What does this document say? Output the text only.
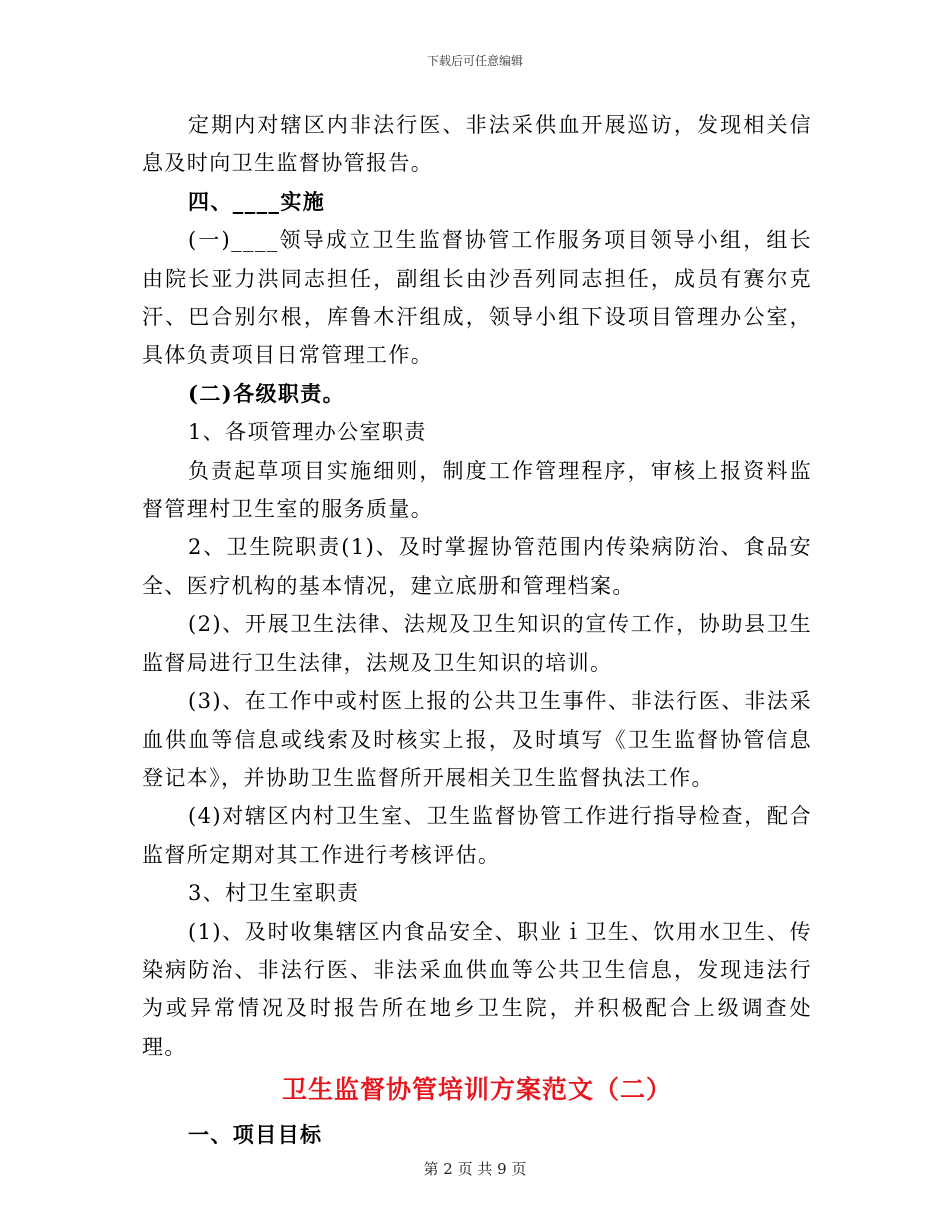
下载后可任意编辑

定期内对辖区内非法行医、非法采供血开展巡访，发现相关信息及时向卫生监督协管报告。

四、____实施

(一)____领导成立卫生监督协管工作服务项目领导小组，组长由院长亚力洪同志担任，副组长由沙吾列同志担任，成员有赛尔克汗、巴合别尔根，库鲁木汗组成，领导小组下设项目管理办公室，具体负责项目日常管理工作。

(二)各级职责。

1、各项管理办公室职责

负责起草项目实施细则，制度工作管理程序，审核上报资料监督管理村卫生室的服务质量。

2、卫生院职责(1)、及时掌握协管范围内传染病防治、食品安全、医疗机构的基本情况，建立底册和管理档案。

(2)、开展卫生法律、法规及卫生知识的宣传工作，协助县卫生监督局进行卫生法律，法规及卫生知识的培训。

(3)、在工作中或村医上报的公共卫生事件、非法行医、非法采血供血等信息或线索及时核实上报，及时填写《卫生监督协管信息登记本》，并协助卫生监督所开展相关卫生监督执法工作。

(4)对辖区内村卫生室、卫生监督协管工作进行指导检查，配合监督所定期对其工作进行考核评估。

3、村卫生室职责

(1)、及时收集辖区内食品安全、职业ｉ卫生、饮用水卫生、传染病防治、非法行医、非法采血供血等公共卫生信息，发现违法行为或异常情况及时报告所在地乡卫生院，并积极配合上级调查处理。

卫生监督协管培训方案范文（二）

一、项目目标

第 2 页 共 9 页
